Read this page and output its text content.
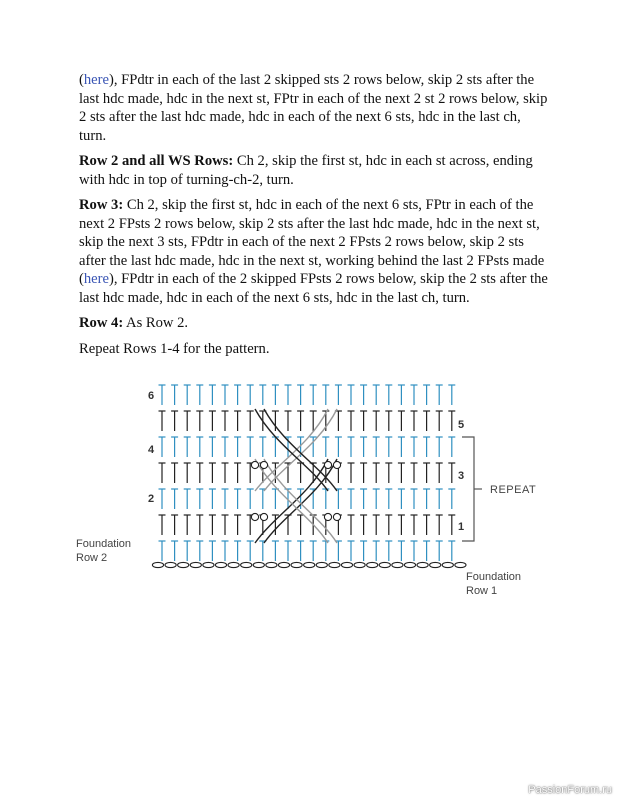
(here), FPdtr in each of the last 2 skipped sts 2 rows below, skip 2 sts after the last hdc made, hdc in the next st, FPtr in each of the next 2 st 2 rows below, skip 2 sts after the last hdc made, hdc in each of the next 6 sts, hdc in the last ch, turn.

Row 2 and all WS Rows: Ch 2, skip the first st, hdc in each st across, ending with hdc in top of turning-ch-2, turn.

Row 3: Ch 2, skip the first st, hdc in each of the next 6 sts, FPtr in each of the next 2 FPsts 2 rows below, skip 2 sts after the last hdc made, hdc in the next st, skip the next 3 sts, FPdtr in each of the next 2 FPsts 2 rows below, skip 2 sts after the last hdc made, hdc in the next st, working behind the last 2 FPsts made (here), FPdtr in each of the 2 skipped FPsts 2 rows below, skip the 2 sts after the last hdc made, hdc in each of the next 6 sts, hdc in the last ch, turn.

Row 4: As Row 2.

Repeat Rows 1-4 for the pattern.

6
4
2
5
3
1
REPEAT
Foundation
Row 2
Foundation
Row 1
PassionForum.ru
